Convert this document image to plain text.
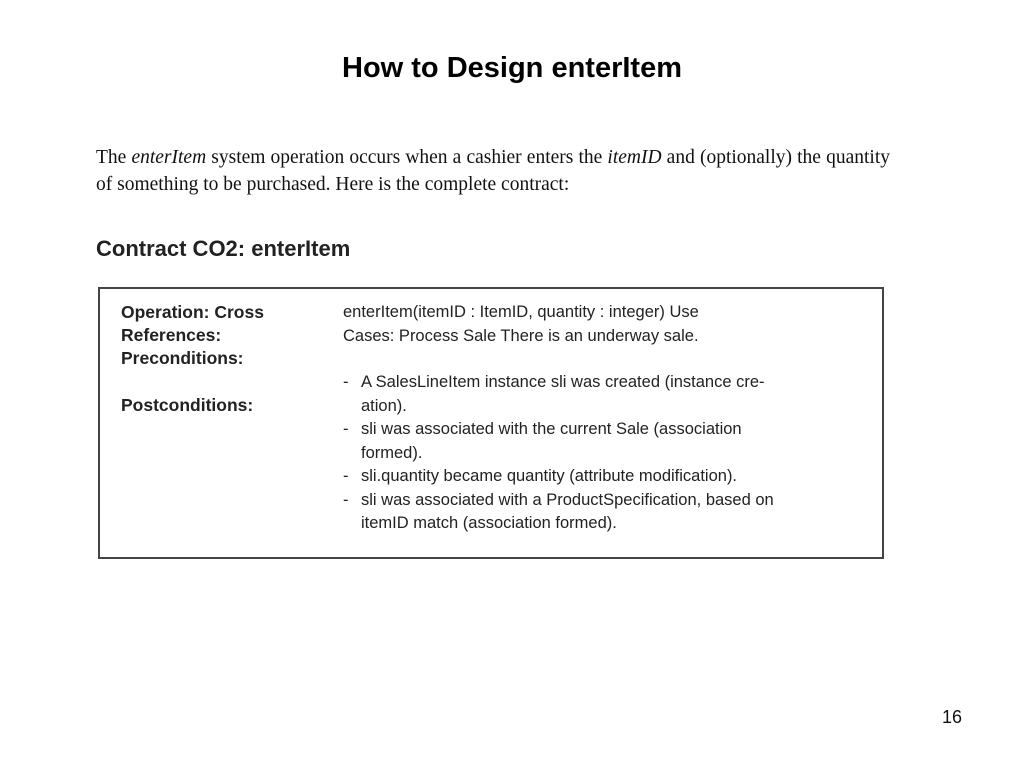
How to Design enterItem
The enterItem system operation occurs when a cashier enters the itemID and (optionally) the quantity of something to be purchased. Here is the complete contract:
Contract CO2: enterItem
Operation: Cross
References:
Preconditions:
Postconditions:
enterItem(itemID : ItemID, quantity : integer) Use
Cases: Process Sale There is an underway sale.
- A SalesLineItem instance sli was created (instance cre-
ation).
- sli was associated with the current Sale (association
formed).
- sli.quantity became quantity (attribute modification).
- sli was associated with a ProductSpecification, based on
itemID match (association formed).
16
